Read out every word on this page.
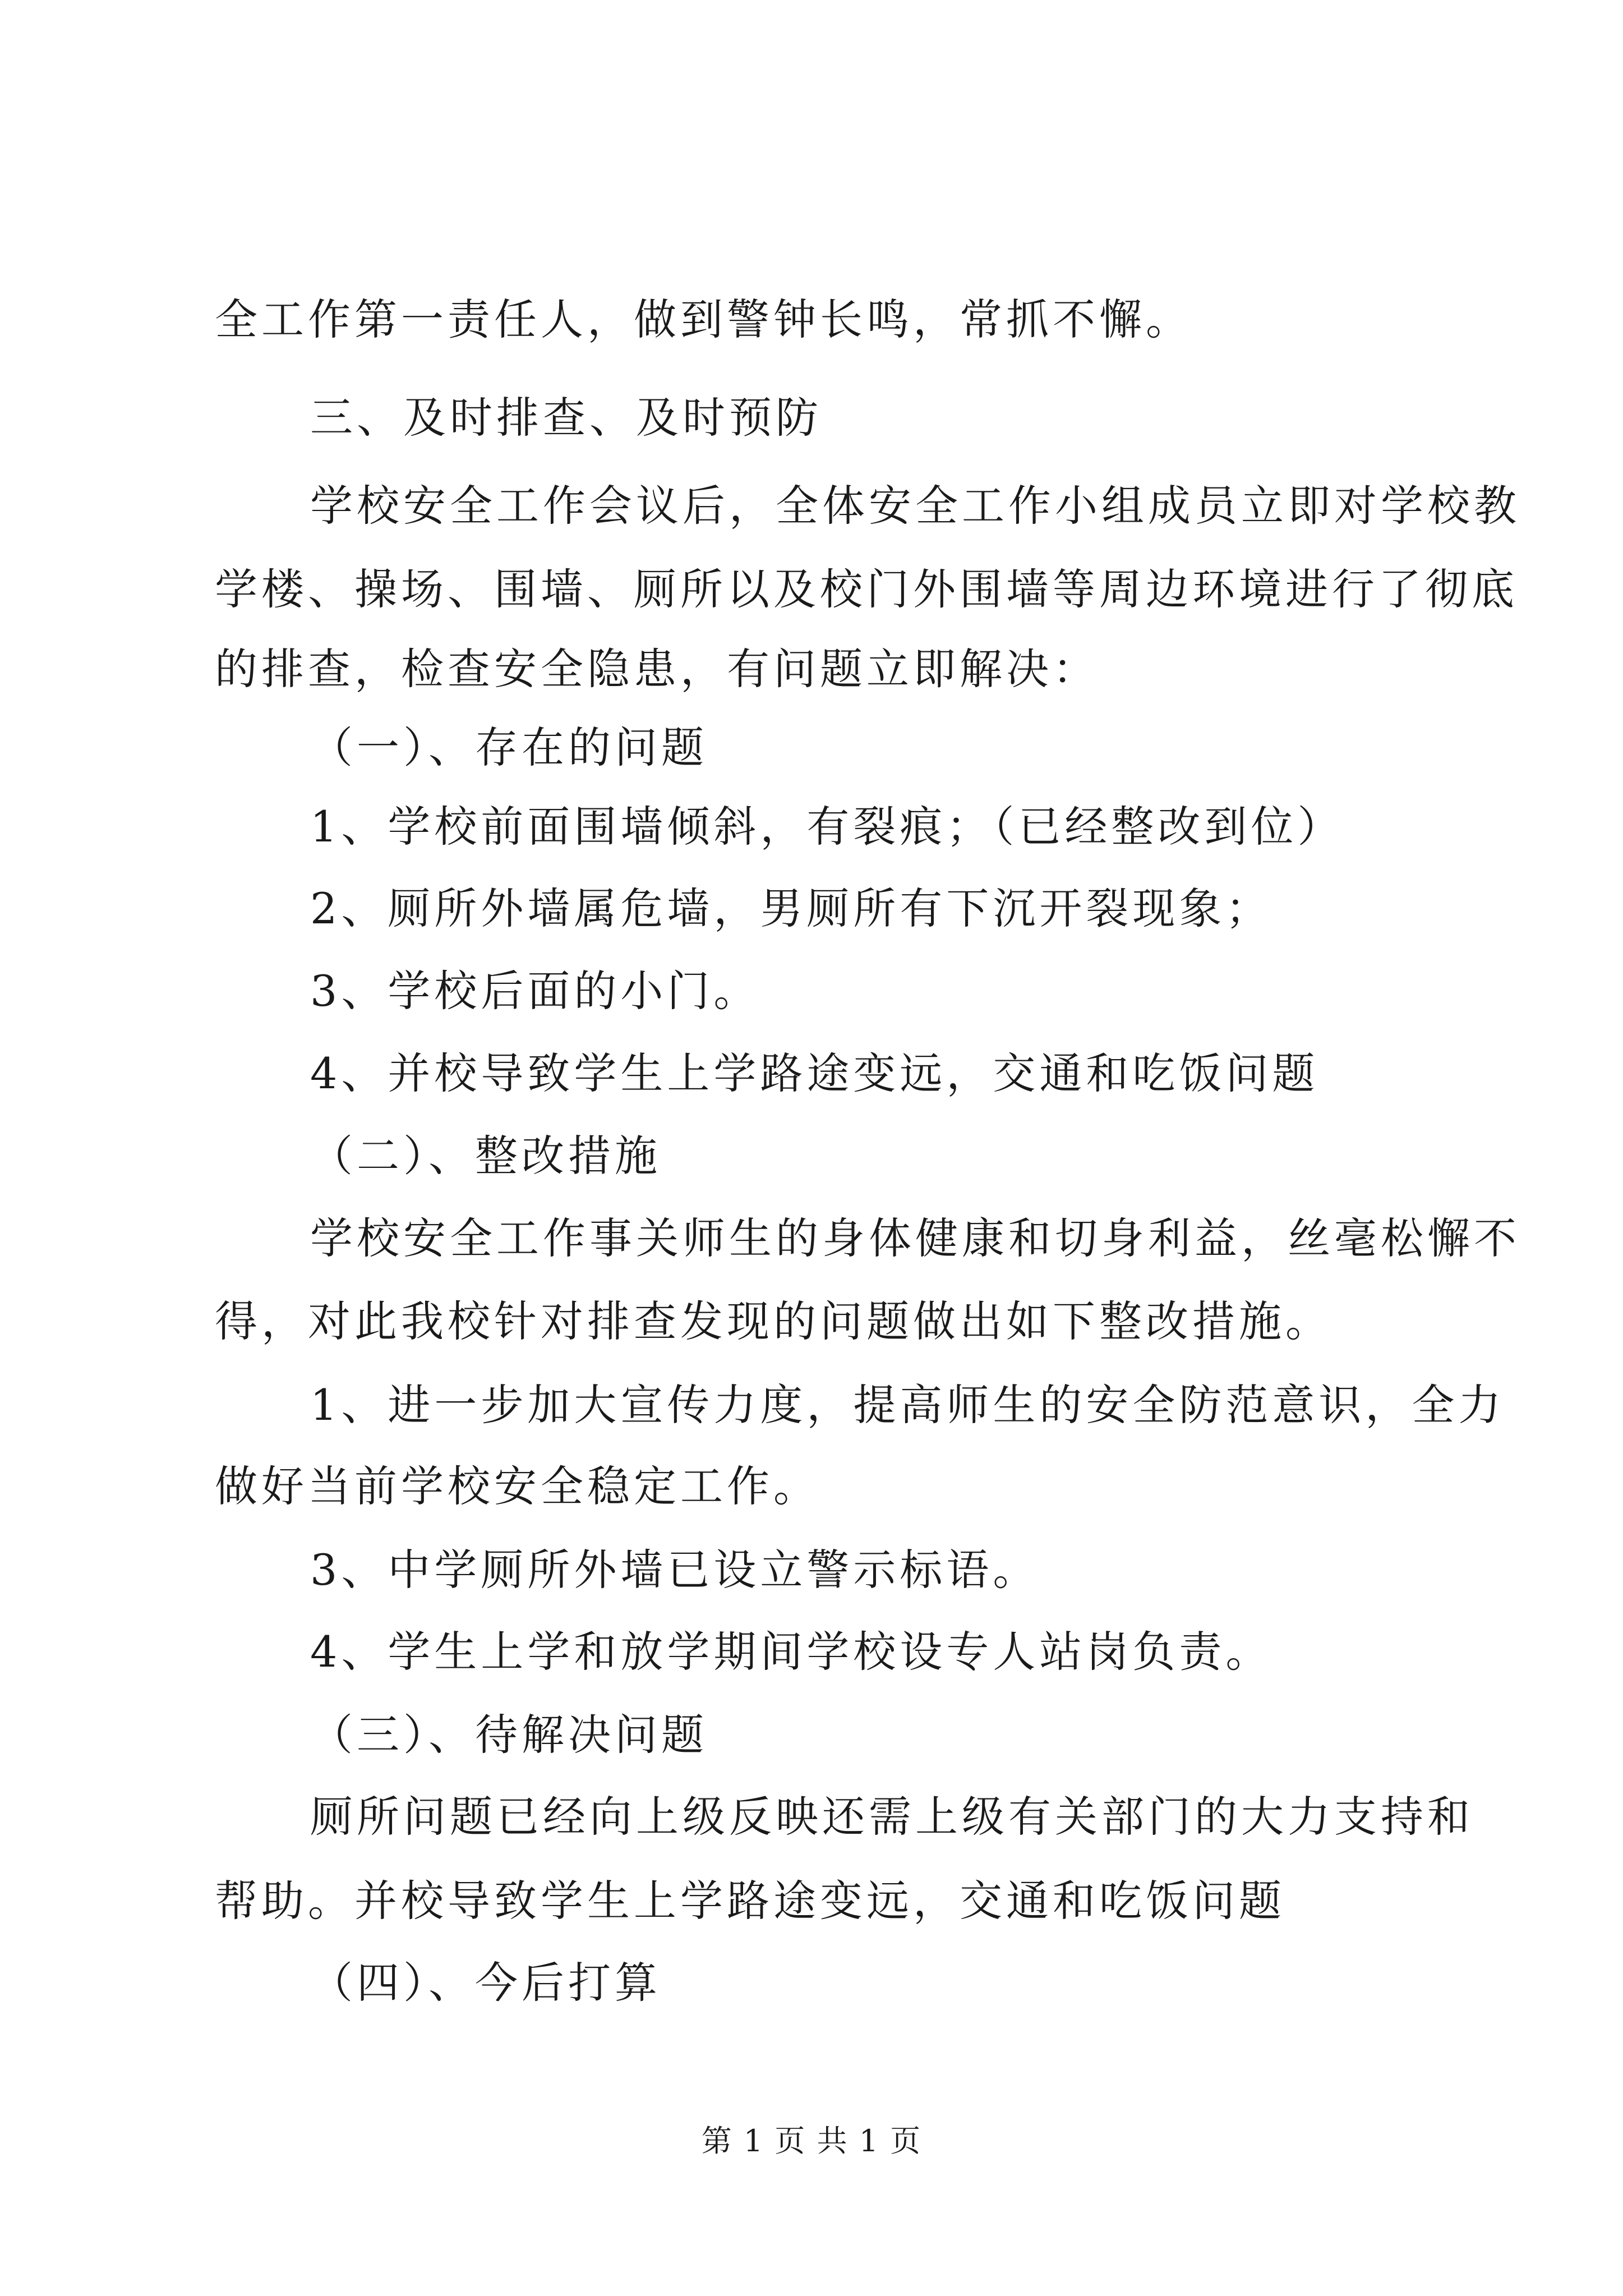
全工作第一责任人，做到警钟长鸣，常抓不懈。
三、及时排查、及时预防
学校安全工作会议后，全体安全工作小组成员立即对学校教
学楼、操场、围墙、厕所以及校门外围墙等周边环境进行了彻底
的排查，检查安全隐患，有问题立即解决：
（一）、存在的问题
1、学校前面围墙倾斜，有裂痕；（已经整改到位）
2、厕所外墙属危墙，男厕所有下沉开裂现象；
3、学校后面的小门。
4、并校导致学生上学路途变远，交通和吃饭问题
（二）、整改措施
学校安全工作事关师生的身体健康和切身利益，丝毫松懈不
得，对此我校针对排查发现的问题做出如下整改措施。
1、进一步加大宣传力度，提高师生的安全防范意识，全力
做好当前学校安全稳定工作。
3、中学厕所外墙已设立警示标语。
4、学生上学和放学期间学校设专人站岗负责。
（三）、待解决问题
厕所问题已经向上级反映还需上级有关部门的大力支持和
帮助。并校导致学生上学路途变远，交通和吃饭问题
（四）、今后打算
第 1 页 共 1 页
